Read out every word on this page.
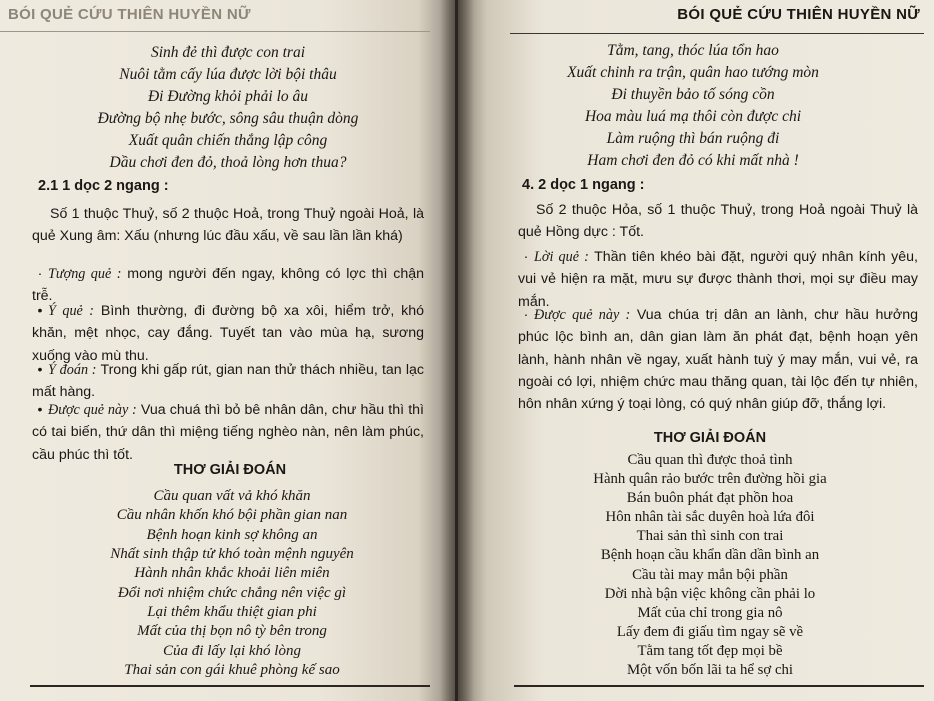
BÓI QUẺ CỨU THIÊN HUYỀN NỮ
Sinh đẻ thì được con trai
Nuôi tằm cấy lúa được lời bội thâu
Đi Đường khỏi phải lo âu
Đường bộ nhẹ bước, sông sâu thuận dòng
Xuất quân chiến thắng lập công
Dầu chơi đen đỏ, thoả lòng hơn thua?
2.1 1 dọc 2 ngang :
Số 1 thuộc Thuỷ, số 2 thuộc Hoả, trong Thuỷ ngoài Hoả, là quẻ Xung âm: Xấu (nhưng lúc đầu xấu, về sau lần lần khá)
· Tượng quẻ : mong người đến ngay, không có lợc thì chận trễ.
• Ý quẻ : Bình thường, đi đường bộ xa xôi, hiểm trở, khó khăn, mệt nhọc, cay đắng. Tuyết tan vào mùa hạ, sương xuống vào mù thu.
• Ý đoán : Trong khi gấp rút, gian nan thử thách nhiều, tan lạc mất hàng.
• Được quẻ này : Vua chuá thì bỏ bê nhân dân, chư hầu thì thì có tai biến, thứ dân thì miệng tiếng nghèo nàn, nên làm phúc, cầu phúc thì tốt.
THƠ GIẢI ĐOÁN
Cầu quan vất vả khó khăn
Cầu nhân khốn khó bội phần gian nan
Bệnh hoạn kinh sợ không an
Nhất sinh thập tử khó toàn mệnh nguyên
Hành nhân khắc khoải liên miên
Đổi nơi nhiệm chức chẳng nên việc gì
Lại thêm khẩu thiệt gian phi
Mất của thị bọn nô tỳ bên trong
Của đi lấy lại khó lòng
Thai sản con gái khuê phòng kế sao
BÓI QUẺ CỨU THIÊN HUYỀN NỮ
Tằm, tang, thóc lúa tổn hao
Xuất chinh ra trận, quân hao tướng mòn
Đi thuyền bảo tố sóng cồn
Hoa màu luá mạ thôi còn được chi
Làm ruộng thì bán ruộng đi
Ham chơi đen đỏ có khi mất nhà !
4. 2 dọc 1 ngang :
Số 2 thuộc Hỏa, số 1 thuộc Thuỷ, trong Hoả ngoài Thuỷ là quẻ Hồng dực : Tốt.
· Lời quẻ : Thần tiên khéo bài đặt, người quý nhân kính yêu, vui vẻ hiện ra mặt, mưu sự được thành thơi, mọi sự điều may mắn.
· Được quẻ này : Vua chúa trị dân an lành, chư hầu hưởng phúc lộc bình an, dân gian làm ăn phát đạt, bệnh hoạn yên lành, hành nhân về ngay, xuất hành tuỳ ý may mắn, vui vẻ, ra ngoài có lợi, nhiệm chức mau thăng quan, tài lộc đến tự nhiên, hôn nhân xứng ý toại lòng, có quý nhân giúp đỡ, thắng lợi.
THƠ GIẢI ĐOÁN
Cầu quan thì được thoả tình
Hành quân rảo bước trên đường hồi gia
Bán buôn phát đạt phồn hoa
Hôn nhân tài sắc duyên hoà lứa đôi
Thai sản thì sinh con trai
Bệnh hoạn cầu khẩn dần dần bình an
Cầu tài may mắn bội phần
Dời nhà bận việc không cần phải lo
Mất của chỉ trong gia nô
Lấy đem đi giấu tìm ngay sẽ về
Tằm tang tốt đẹp mọi bề
Một vốn bốn lãi ta hể sợ chi
